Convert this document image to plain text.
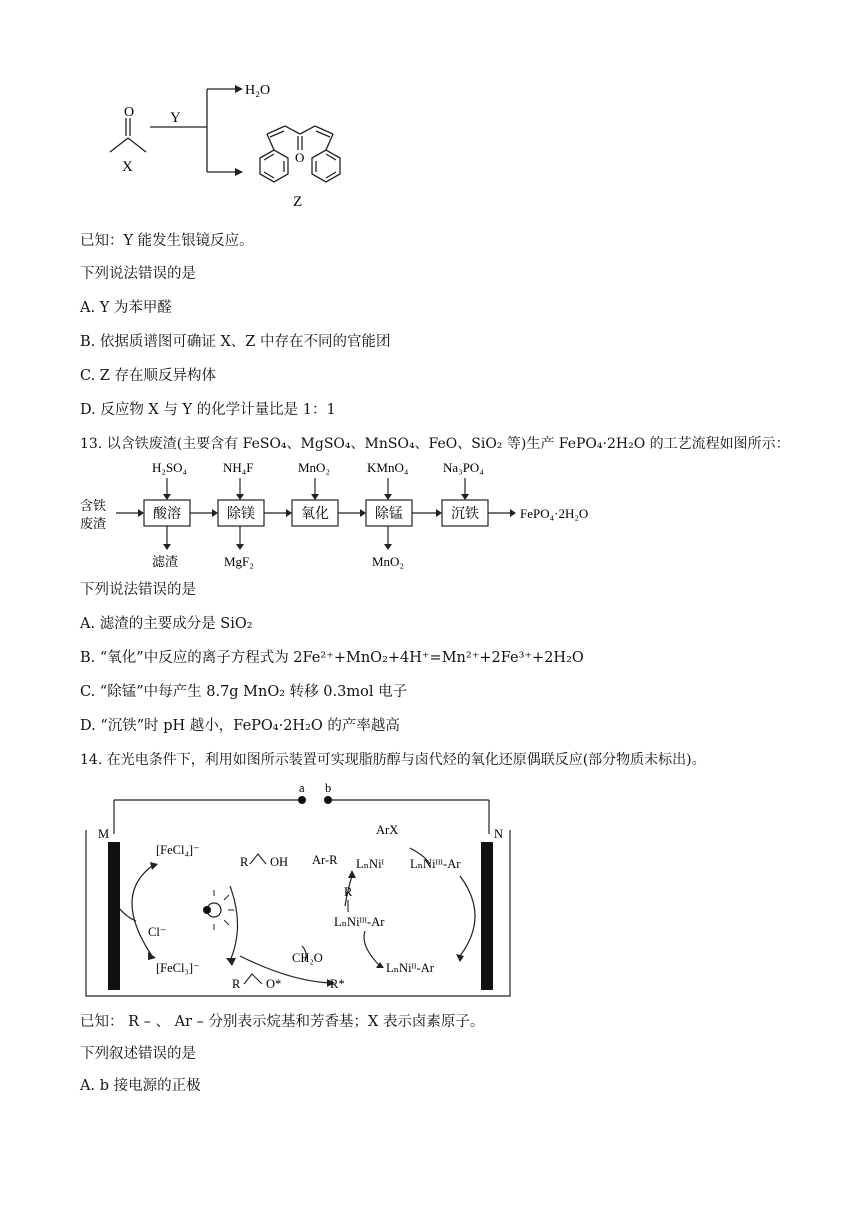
O
X
Y
H₂O
O
Z
已知：Y 能发生银镜反应。
下列说法错误的是
A. Y 为苯甲醛
B. 依据质谱图可确证 X、Z 中存在不同的官能团
C. Z 存在顺反异构体
D. 反应物 X 与 Y 的化学计量比是 1：1
13. 以含铁废渣(主要含有 FeSO₄、MgSO₄、MnSO₄、FeO、SiO₂ 等)生产 FePO₄·2H₂O 的工艺流程如图所示：
H₂SO₄	NH₄F	MnO₂	KMnO₄	Na₃PO₄
含铁
废渣
酸溶	除镁	氧化	除锰	沉铁
滤渣	MgF₂	MnO₂
FePO₄·2H₂O
下列说法错误的是
A. 滤渣的主要成分是 SiO₂
B. “氧化”中反应的离子方程式为 2Fe²⁺+MnO₂+4H⁺=Mn²⁺+2Fe³⁺+2H₂O
C. “除锰”中每产生 8.7g MnO₂ 转移 0.3mol 电子
D. “沉铁”时 pH 越小，FePO₄·2H₂O 的产率越高
14. 在光电条件下，利用如图所示装置可实现脂肪醇与卤代烃的氧化还原偶联反应(部分物质未标出)。
a b
M	N
[FeCl₄]⁻
[FeCl₃]⁻
Cl⁻
R OH
R O*
CH₂O
R*
ArX
Ar-R LₙNiᴵ LₙNiᴵᴵᴵ-Ar
R
LₙNiᴵᴵᴵ-Ar
LₙNiᴵᴵ-Ar
已知： R – 、 Ar – 分别表示烷基和芳香基；X 表示卤素原子。
下列叙述错误的是
A. b 接电源的正极
